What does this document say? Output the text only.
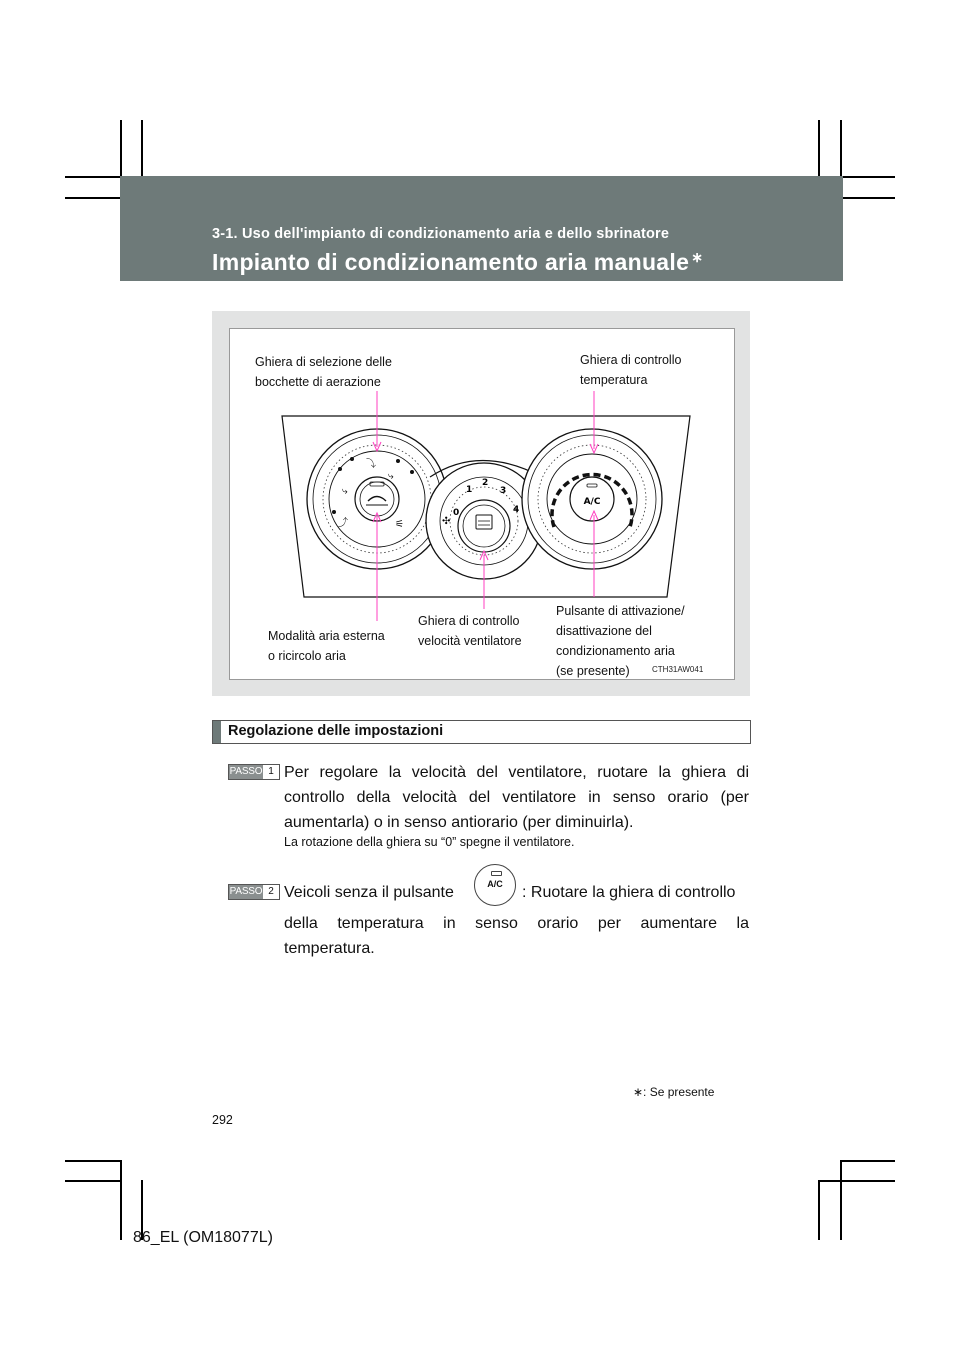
3-1. Uso dell'impianto di condizionamento aria e dello sbrinatore
Impianto di condizionamento aria manuale ∗
⤷
⤵
⤷
⤴	⚟
0
1
2
3
4
✣
A/C
Ghiera di selezione delle
bocchette di aerazione
Ghiera di controllo
temperatura
Modalità aria esterna
o ricircolo aria
Ghiera di controllo
velocità ventilatore
Pulsante di attivazione/
disattivazione del
condizionamento aria
(se presente)	CTH31AW041
Regolazione delle impostazioni
PASSO 1 Per regolare la velocità del ventilatore, ruotare la ghiera di
controllo della velocità del ventilatore in senso orario (per
aumentarla) o in senso antiorario (per diminuirla).
La rotazione della ghiera su “0” spegne il ventilatore.
PASSO 2 Veicoli senza il pulsante	A/C	: Ruotare la ghiera di controllo
della temperatura in senso orario per aumentare la
temperatura.
∗: Se presente
292
86_EL (OM18077L)
